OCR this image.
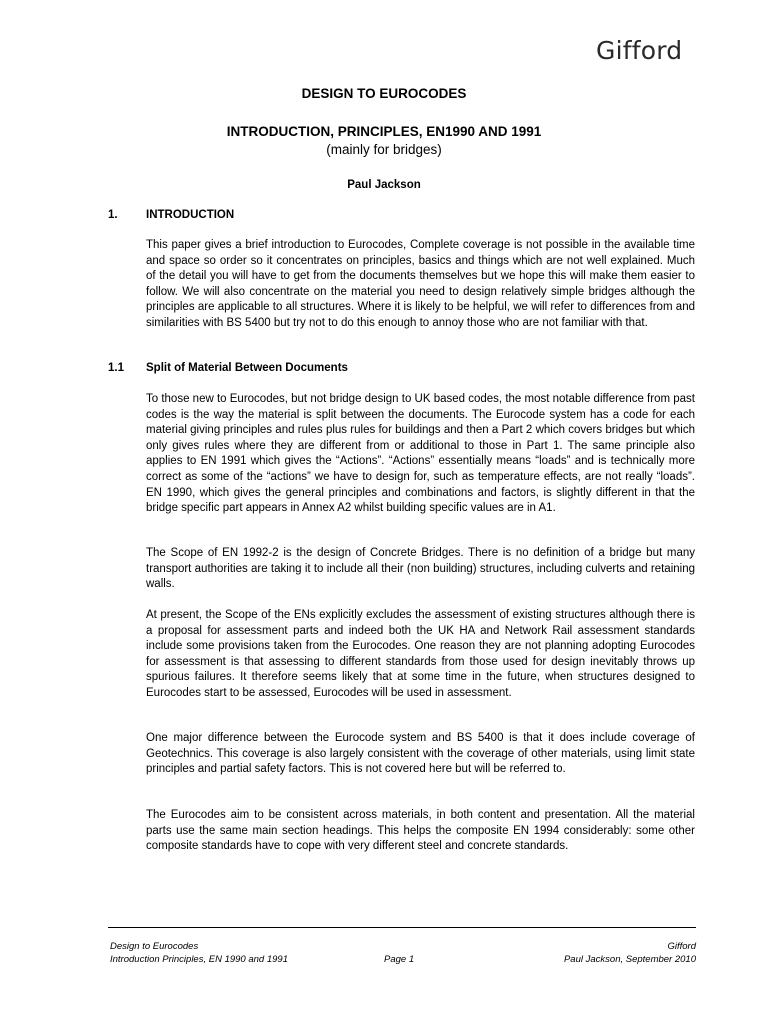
Gifford
DESIGN TO EUROCODES
INTRODUCTION, PRINCIPLES, EN1990 AND 1991
(mainly for bridges)
Paul Jackson
1. INTRODUCTION

This paper gives a brief introduction to Eurocodes, Complete coverage is not possible in the available time and space so order so it concentrates on principles, basics and things which are not well explained. Much of the detail you will have to get from the documents themselves but we hope this will make them easier to follow. We will also concentrate on the material you need to design relatively simple bridges although the principles are applicable to all structures. Where it is likely to be helpful, we will refer to differences from and similarities with BS 5400 but try not to do this enough to annoy those who are not familiar with that.

1.1 Split of Material Between Documents

To those new to Eurocodes, but not bridge design to UK based codes, the most notable difference from past codes is the way the material is split between the documents. The Eurocode system has a code for each material giving principles and rules plus rules for buildings and then a Part 2 which covers bridges but which only gives rules where they are different from or additional to those in Part 1. The same principle also applies to EN 1991 which gives the “Actions”. “Actions” essentially means “loads” and is technically more correct as some of the “actions” we have to design for, such as temperature effects, are not really “loads”. EN 1990, which gives the general principles and combinations and factors, is slightly different in that the bridge specific part appears in Annex A2 whilst building specific values are in A1.

The Scope of EN 1992-2 is the design of Concrete Bridges. There is no definition of a bridge but many transport authorities are taking it to include all their (non building) structures, including culverts and retaining walls.

At present, the Scope of the ENs explicitly excludes the assessment of existing structures although there is a proposal for assessment parts and indeed both the UK HA and Network Rail assessment standards include some provisions taken from the Eurocodes. One reason they are not planning adopting Eurocodes for assessment is that assessing to different standards from those used for design inevitably throws up spurious failures. It therefore seems likely that at some time in the future, when structures designed to Eurocodes start to be assessed, Eurocodes will be used in assessment.

One major difference between the Eurocode system and BS 5400 is that it does include coverage of Geotechnics. This coverage is also largely consistent with the coverage of other materials, using limit state principles and partial safety factors. This is not covered here but will be referred to.

The Eurocodes aim to be consistent across materials, in both content and presentation. All the material parts use the same main section headings. This helps the composite EN 1994 considerably: some other composite standards have to cope with very different steel and concrete standards.

Design to Eurocodes
Introduction Principles, EN 1990 and 1991	Page 1
Gifford
Paul Jackson, September 2010
